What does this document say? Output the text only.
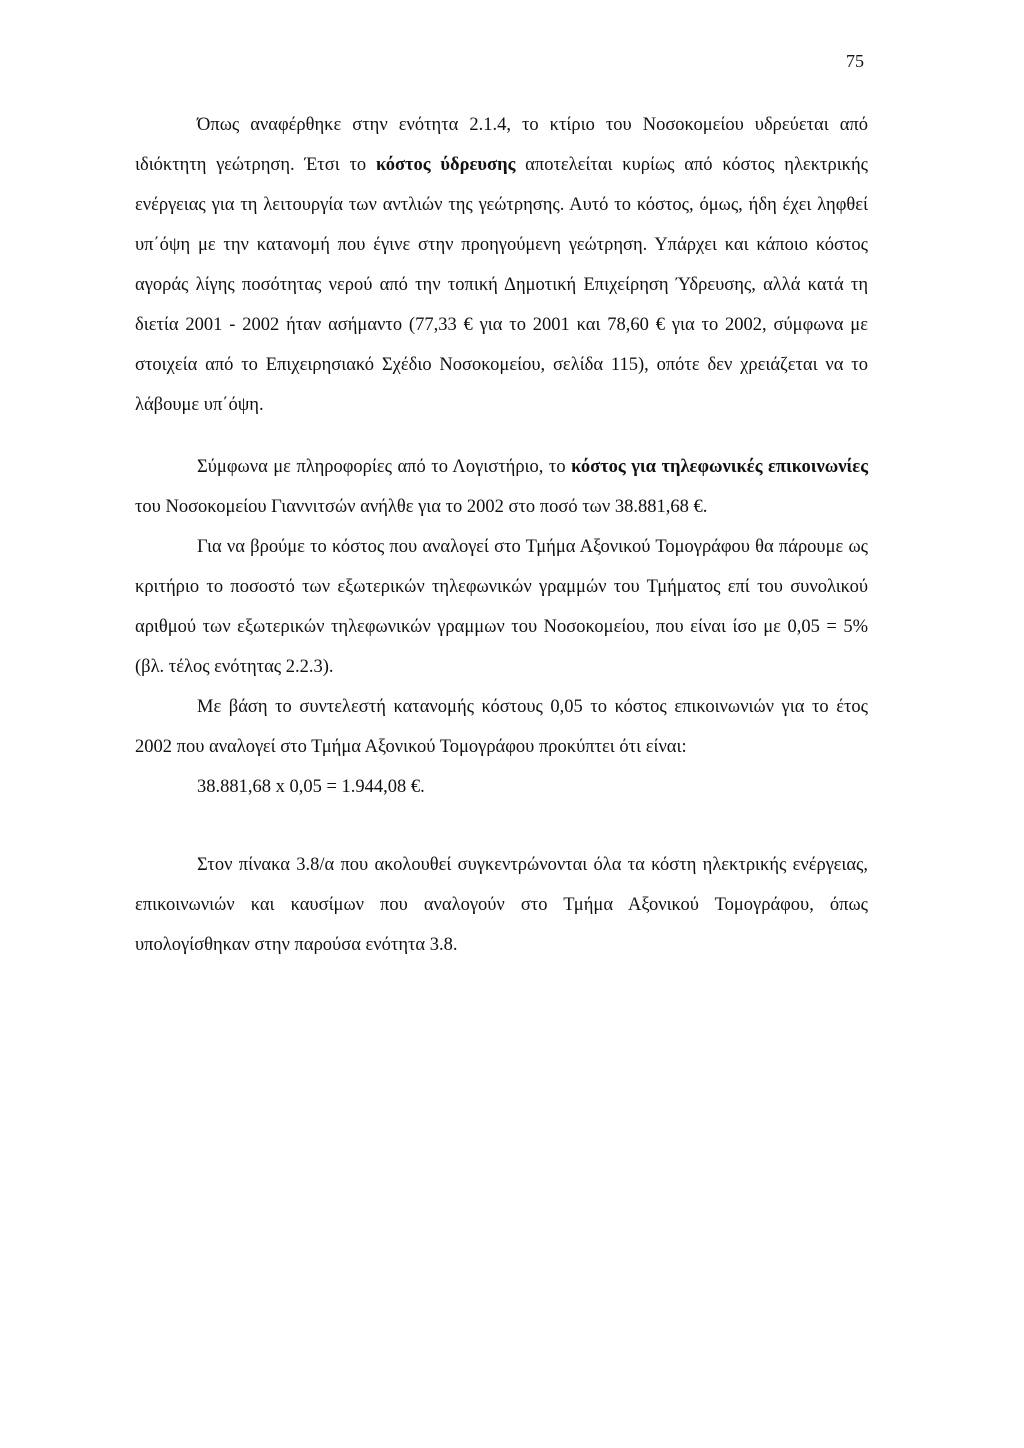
75

Όπως αναφέρθηκε στην ενότητα 2.1.4, το κτίριο του Νοσοκομείου υδρεύεται από ιδιόκτητη γεώτρηση. Έτσι το κόστος ύδρευσης αποτελείται κυρίως από κόστος ηλεκτρικής ενέργειας για τη λειτουργία των αντλιών της γεώτρησης. Αυτό το κόστος, όμως, ήδη έχει ληφθεί υπ΄όψη με την κατανομή που έγινε στην προηγούμενη γεώτρηση. Υπάρχει και κάποιο κόστος αγοράς λίγης ποσότητας νερού από την τοπική Δημοτική Επιχείρηση Ύδρευσης, αλλά κατά τη διετία 2001 - 2002 ήταν ασήμαντο (77,33 € για το 2001 και 78,60 € για το 2002, σύμφωνα με στοιχεία από το Επιχειρησιακό Σχέδιο Νοσοκομείου, σελίδα 115), οπότε δεν χρειάζεται να το λάβουμε υπ΄όψη.

Σύμφωνα με πληροφορίες από το Λογιστήριο, το κόστος για τηλεφωνικές επικοινωνίες του Νοσοκομείου Γιαννιτσών ανήλθε για το 2002 στο ποσό των 38.881,68 €.

Για να βρούμε το κόστος που αναλογεί στο Τμήμα Αξονικού Τομογράφου θα πάρουμε ως κριτήριο το ποσοστό των εξωτερικών τηλεφωνικών γραμμών του Τμήματος επί του συνολικού αριθμού των εξωτερικών τηλεφωνικών γραμμων του Νοσοκομείου, που είναι ίσο με 0,05 = 5% (βλ. τέλος ενότητας 2.2.3).

Με βάση το συντελεστή κατανομής κόστους 0,05 το κόστος επικοινωνιών για το έτος 2002 που αναλογεί στο Τμήμα Αξονικού Τομογράφου προκύπτει ότι είναι:

38.881,68 x 0,05 = 1.944,08 €.

Στον πίνακα 3.8/α που ακολουθεί συγκεντρώνονται όλα τα κόστη ηλεκτρικής ενέργειας, επικοινωνιών και καυσίμων που αναλογούν στο Τμήμα Αξονικού Τομογράφου, όπως υπολογίσθηκαν στην παρούσα ενότητα 3.8.
